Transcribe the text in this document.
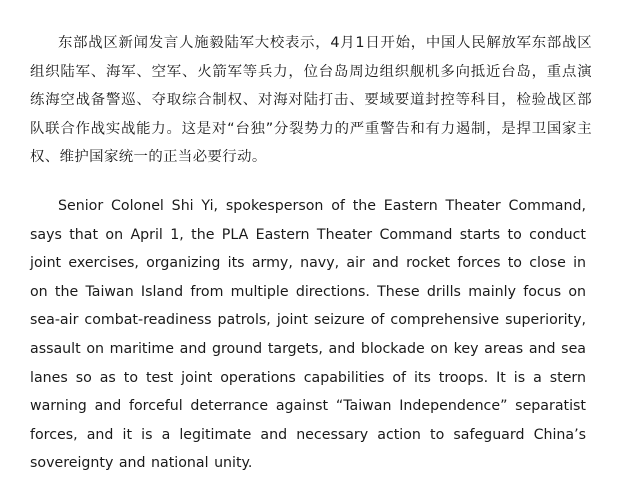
东部战区新闻发言人施毅陆军大校表示，4月1日开始，中国人民解放军东部战区组织陆军、海军、空军、火箭军等兵力，位台岛周边组织舰机多向抵近台岛，重点演练海空战备警巡、夺取综合制权、对海对陆打击、要域要道封控等科目，检验战区部队联合作战实战能力。这是对“台独”分裂势力的严重警告和有力遏制，是捍卫国家主权、维护国家统一的正当必要行动。

Senior Colonel Shi Yi, spokesperson of the Eastern Theater Command, says that on April 1, the PLA Eastern Theater Command starts to conduct joint exercises, organizing its army, navy, air and rocket forces to close in on the Taiwan Island from multiple directions. These drills mainly focus on sea-air combat-readiness patrols, joint seizure of comprehensive superiority, assault on maritime and ground targets, and blockade on key areas and sea lanes so as to test joint operations capabilities of its troops. It is a stern warning and forceful deterrance against “Taiwan Independence” separatist forces, and it is a legitimate and necessary action to safeguard China’s sovereignty and national unity.
